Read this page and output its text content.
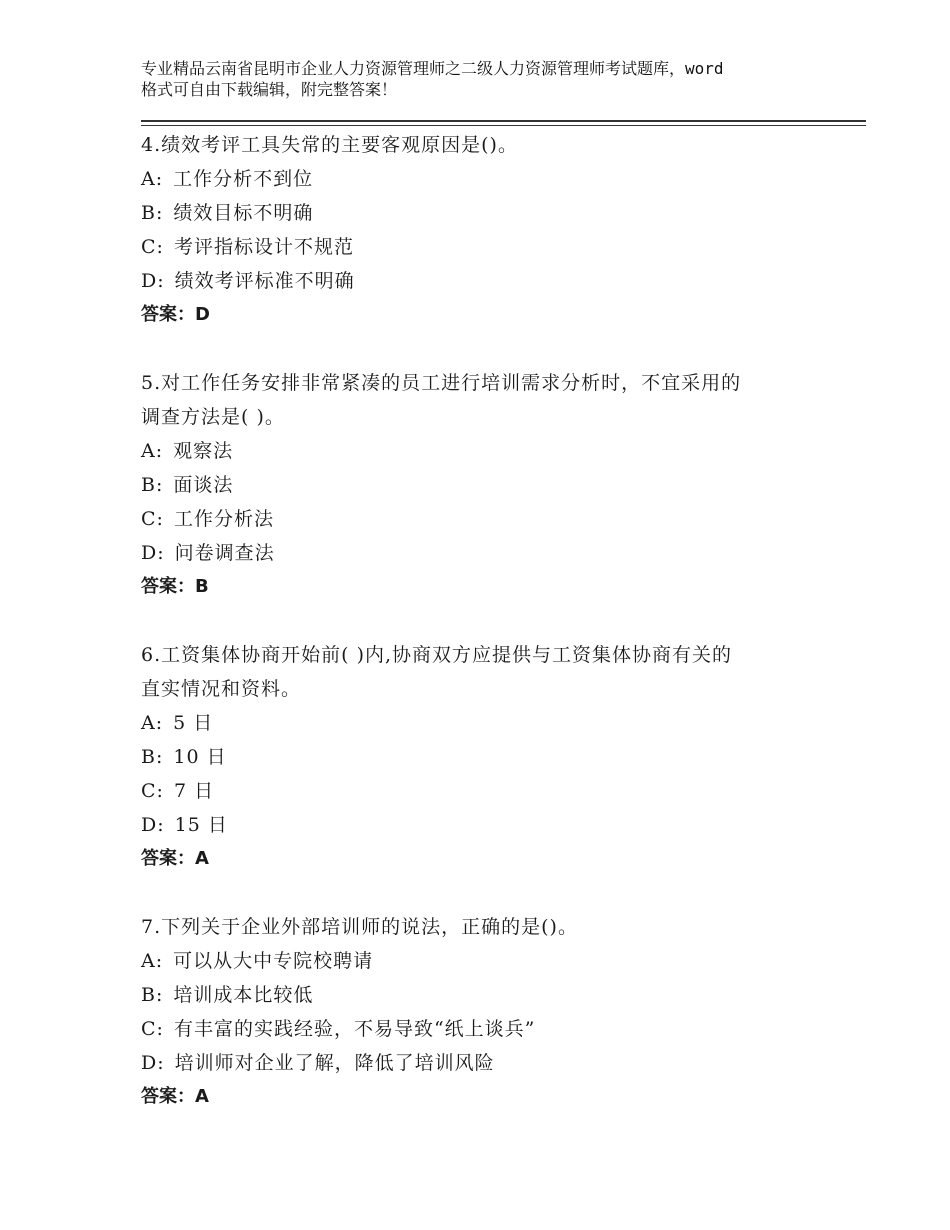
专业精品云南省昆明市企业人力资源管理师之二级人力资源管理师考试题库，word
格式可自由下载编辑，附完整答案！
4.绩效考评工具失常的主要客观原因是()。
A: 工作分析不到位
B: 绩效目标不明确
C: 考评指标设计不规范
D: 绩效考评标准不明确
答案：D
5.对工作任务安排非常紧凑的员工进行培训需求分析时，不宜采用的
调查方法是( )。
A: 观察法
B: 面谈法
C: 工作分析法
D: 问卷调查法
答案：B
6.工资集体协商开始前( )内,协商双方应提供与工资集体协商有关的
直实情况和资料。
A: 5 日
B: 10 日
C: 7 日
D: 15 日
答案：A
7.下列关于企业外部培训师的说法，正确的是()。
A: 可以从大中专院校聘请
B: 培训成本比较低
C: 有丰富的实践经验，不易导致“纸上谈兵”
D: 培训师对企业了解，降低了培训风险
答案：A
